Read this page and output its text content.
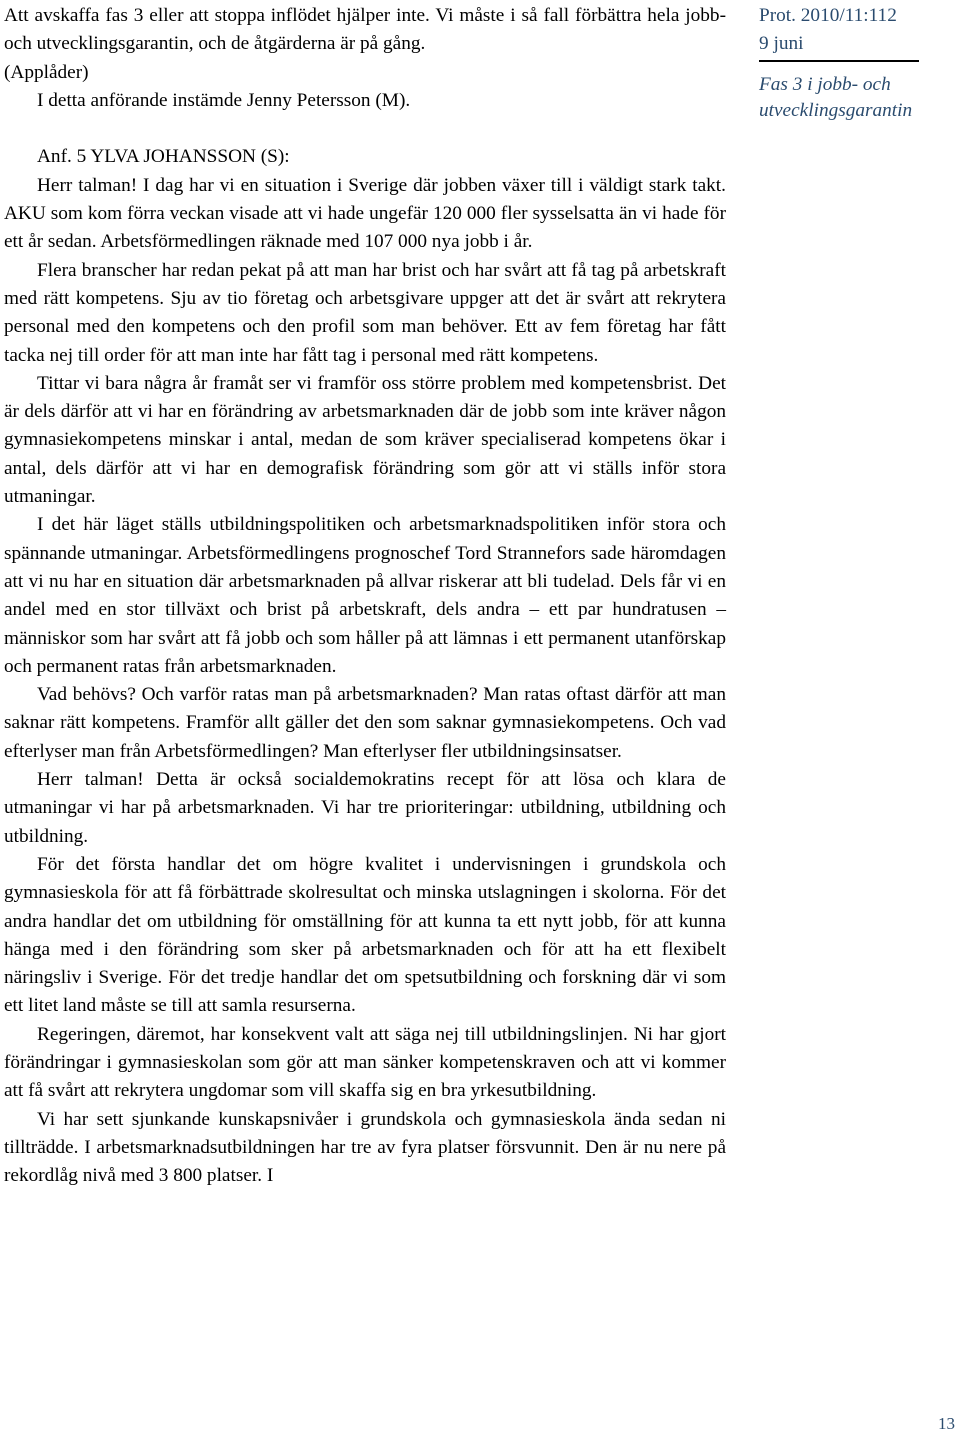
Att avskaffa fas 3 eller att stoppa inflödet hjälper inte. Vi måste i så fall förbättra hela jobb- och utvecklingsgarantin, och de åtgärderna är på gång.

(Applåder)

I detta anförande instämde Jenny Petersson (M).

Anf. 5 YLVA JOHANSSON (S):

Herr talman! I dag har vi en situation i Sverige där jobben växer till i väldigt stark takt. AKU som kom förra veckan visade att vi hade ungefär 120 000 fler sysselsatta än vi hade för ett år sedan. Arbetsförmedlingen räknade med 107 000 nya jobb i år.

Flera branscher har redan pekat på att man har brist och har svårt att få tag på arbetskraft med rätt kompetens. Sju av tio företag och arbetsgivare uppger att det är svårt att rekrytera personal med den kompetens och den profil som man behöver. Ett av fem företag har fått tacka nej till order för att man inte har fått tag i personal med rätt kompetens.

Tittar vi bara några år framåt ser vi framför oss större problem med kompetensbrist. Det är dels därför att vi har en förändring av arbetsmarknaden där de jobb som inte kräver någon gymnasiekompetens minskar i antal, medan de som kräver specialiserad kompetens ökar i antal, dels därför att vi har en demografisk förändring som gör att vi ställs inför stora utmaningar.

I det här läget ställs utbildningspolitiken och arbetsmarknadspolitiken inför stora och spännande utmaningar. Arbetsförmedlingens prognoschef Tord Strannefors sade häromdagen att vi nu har en situation där arbetsmarknaden på allvar riskerar att bli tudelad. Dels får vi en andel med en stor tillväxt och brist på arbetskraft, dels andra – ett par hundratusen – människor som har svårt att få jobb och som håller på att lämnas i ett permanent utanförskap och permanent ratas från arbetsmarknaden.

Vad behövs? Och varför ratas man på arbetsmarknaden? Man ratas oftast därför att man saknar rätt kompetens. Framför allt gäller det den som saknar gymnasiekompetens. Och vad efterlyser man från Arbetsförmedlingen? Man efterlyser fler utbildningsinsatser.

Herr talman! Detta är också socialdemokratins recept för att lösa och klara de utmaningar vi har på arbetsmarknaden. Vi har tre prioriteringar: utbildning, utbildning och utbildning.

För det första handlar det om högre kvalitet i undervisningen i grundskola och gymnasieskola för att få förbättrade skolresultat och minska utslagningen i skolorna. För det andra handlar det om utbildning för omställning för att kunna ta ett nytt jobb, för att kunna hänga med i den förändring som sker på arbetsmarknaden och för att ha ett flexibelt näringsliv i Sverige. För det tredje handlar det om spetsutbildning och forskning där vi som ett litet land måste se till att samla resurserna.

Regeringen, däremot, har konsekvent valt att säga nej till utbildningslinjen. Ni har gjort förändringar i gymnasieskolan som gör att man sänker kompetenskraven och att vi kommer att få svårt att rekrytera ungdomar som vill skaffa sig en bra yrkesutbildning.

Vi har sett sjunkande kunskapsnivåer i grundskola och gymnasieskola ända sedan ni tillträdde. I arbetsmarknadsutbildningen har tre av fyra platser försvunnit. Den är nu nere på rekordlåg nivå med 3 800 platser. I

Prot. 2010/11:112
9 juni
Fas 3 i jobb- och
utvecklingsgarantin
13
